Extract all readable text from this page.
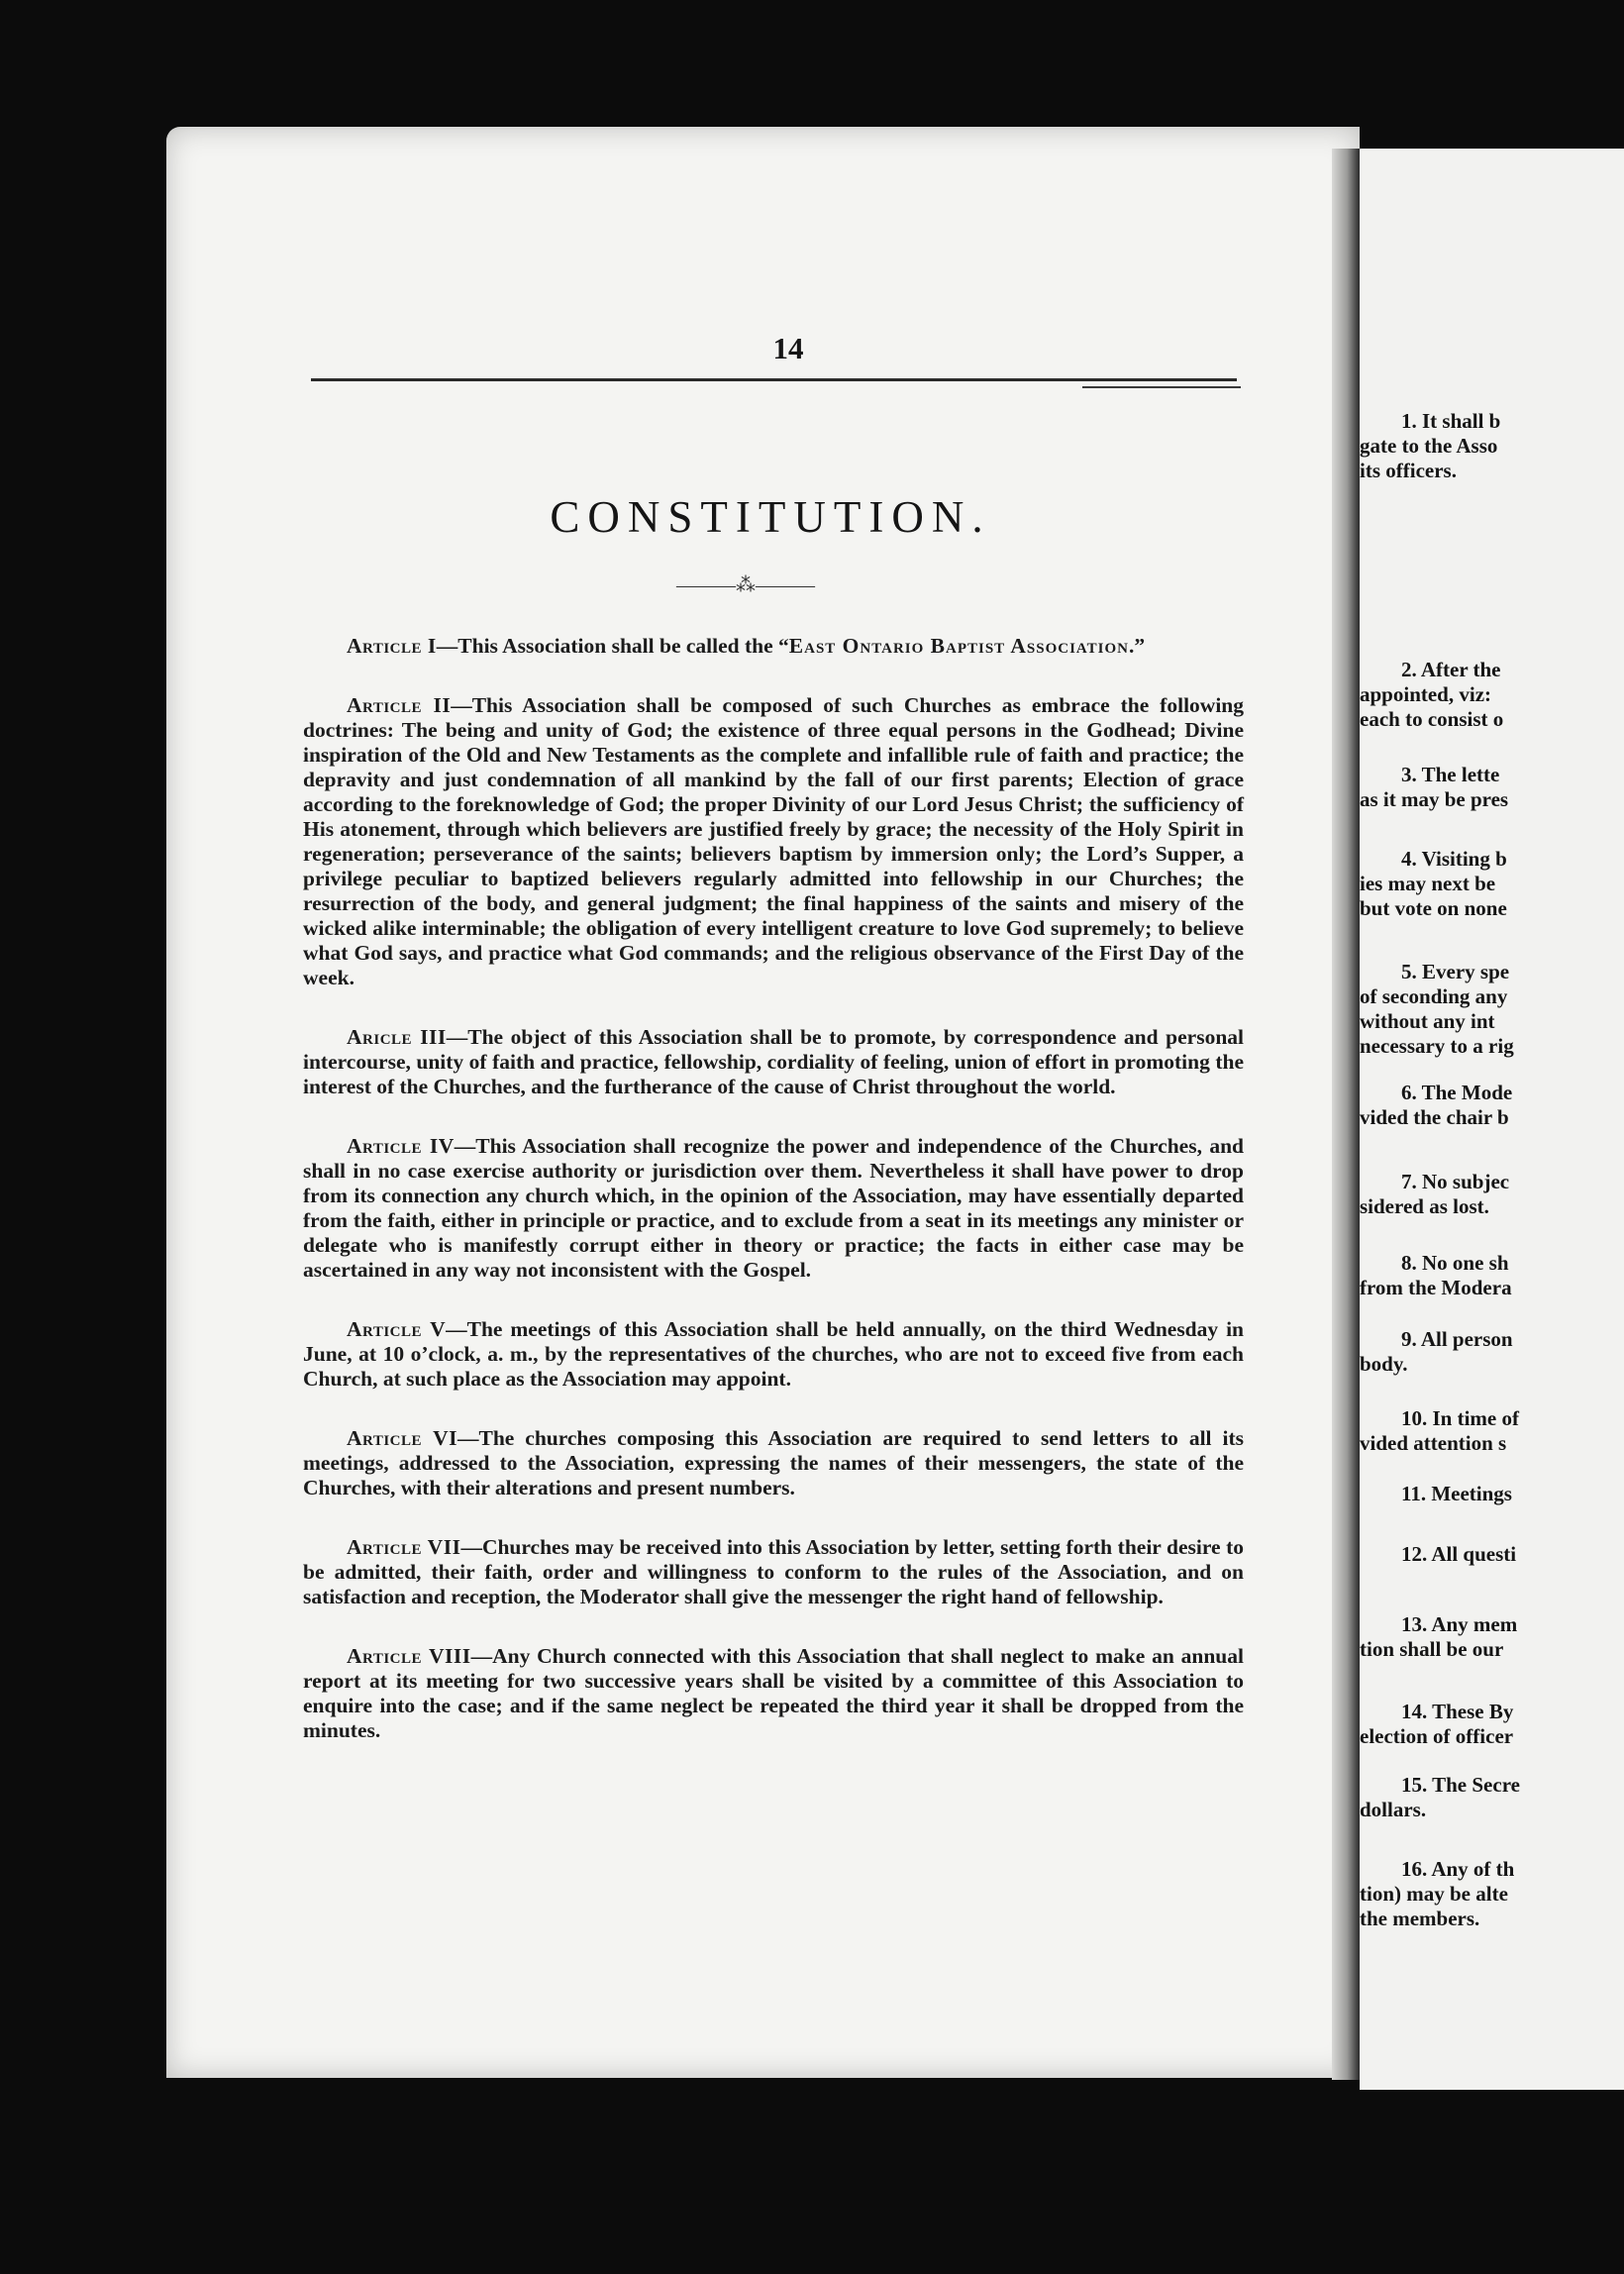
14
CONSTITUTION.
———⁂———

Article I—This Association shall be called the “East Ontario Baptist Association.”

Article II—This Association shall be composed of such Churches as embrace the following doctrines: The being and unity of God; the existence of three equal persons in the Godhead; Divine inspiration of the Old and New Testaments as the complete and infallible rule of faith and practice; the depravity and just condemnation of all mankind by the fall of our first parents; Election of grace according to the foreknowledge of God; the proper Divinity of our Lord Jesus Christ; the sufficiency of His atonement, through which believers are justified freely by grace; the necessity of the Holy Spirit in regeneration; perseverance of the saints; believers baptism by immersion only; the Lord’s Supper, a privilege peculiar to baptized believers regularly admitted into fellowship in our Churches; the resurrection of the body, and general judgment; the final happiness of the saints and misery of the wicked alike interminable; the obligation of every intelligent creature to love God supremely; to believe what God says, and practice what God commands; and the religious observance of the First Day of the week.

Aricle III—The object of this Association shall be to promote, by correspondence and personal intercourse, unity of faith and practice, fellowship, cordiality of feeling, union of effort in promoting the interest of the Churches, and the furtherance of the cause of Christ throughout the world.

Article IV—This Association shall recognize the power and independence of the Churches, and shall in no case exercise authority or jurisdiction over them. Nevertheless it shall have power to drop from its connection any church which, in the opinion of the Association, may have essentially departed from the faith, either in principle or practice, and to exclude from a seat in its meetings any minister or delegate who is manifestly corrupt either in theory or practice; the facts in either case may be ascertained in any way not inconsistent with the Gospel.

Article V—The meetings of this Association shall be held annually, on the third Wednesday in June, at 10 o’clock, a. m., by the representatives of the churches, who are not to exceed five from each Church, at such place as the Association may appoint.

Article VI—The churches composing this Association are required to send letters to all its meetings, addressed to the Association, expressing the names of their messengers, the state of the Churches, with their alterations and present numbers.

Article VII—Churches may be received into this Association by letter, setting forth their desire to be admitted, their faith, order and willingness to conform to the rules of the Association, and on satisfaction and reception, the Moderator shall give the messenger the right hand of fellowship.

Article VIII—Any Church connected with this Association that shall neglect to make an annual report at its meeting for two successive years shall be visited by a committee of this Association to enquire into the case; and if the same neglect be repeated the third year it shall be dropped from the minutes.

1. It shall b
gate to the Asso
its officers.
2. After the
appointed, viz:
each to consist o
3. The lette
as it may be pres
4. Visiting b
ies may next be
but vote on none
5. Every spe
of seconding any
without any int
necessary to a rig
6. The Mode
vided the chair b
7. No subjec
sidered as lost.
8. No one sh
from the Modera
9. All person
body.
10. In time of
vided attention s
11. Meetings
12. All questi
13. Any mem
tion shall be our
14. These By
election of officer
15. The Secre
dollars.
16. Any of th
tion) may be alte
the members.
